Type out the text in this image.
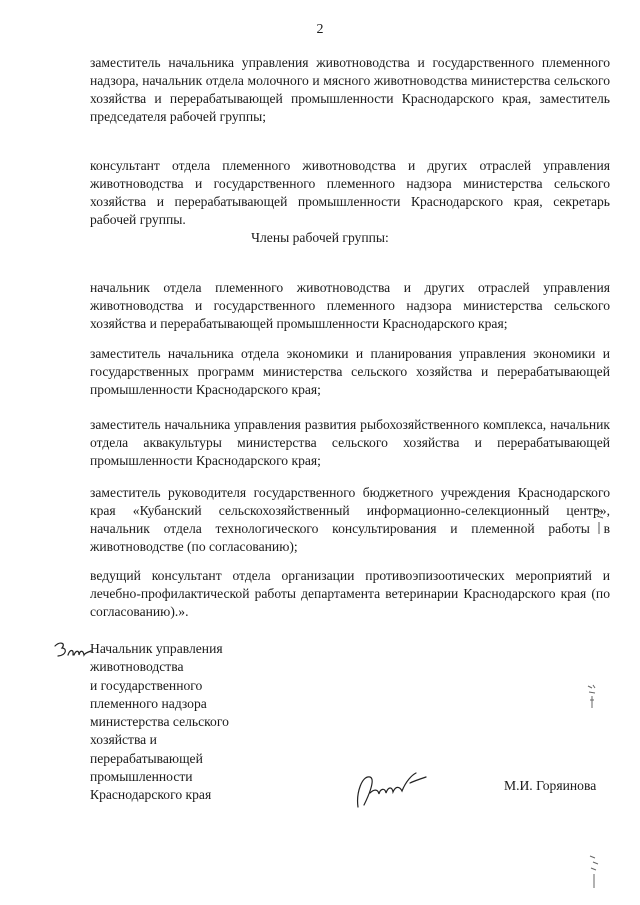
2

заместитель начальника управления животноводства и государственного племенного надзора, начальник отдела молочного и мясного животноводства министерства сельского хозяйства и перерабатывающей промышленности Краснодарского края, заместитель председателя рабочей группы;

консультант отдела племенного животноводства и других отраслей управления животноводства и государственного племенного надзора министерства сельского хозяйства и перерабатывающей промышленности Краснодарского края, секретарь рабочей группы.

Члены рабочей группы:

начальник отдела племенного животноводства и других отраслей управления животноводства и государственного племенного надзора министерства сельского хозяйства и перерабатывающей промышленности Краснодарского края;

заместитель начальника отдела экономики и планирования управления экономики и государственных программ министерства сельского хозяйства и перерабатывающей промышленности Краснодарского края;

заместитель начальника управления развития рыбохозяйственного комплекса, начальник отдела аквакультуры министерства сельского хозяйства и перерабатывающей промышленности Краснодарского края;

заместитель руководителя государственного бюджетного учреждения Краснодарского края «Кубанский сельскохозяйственный информационно-селекционный центр», начальник отдела технологического консультирования и племенной работы в животноводстве (по согласованию);

ведущий консультант отдела организации противоэпизоотических мероприятий и лечебно-профилактической работы департамента ветеринарии Краснодарского края (по согласованию).».

Начальник управления
животноводства
и государственного
племенного надзора
министерства сельского
хозяйства и
перерабатывающей
промышленности
Краснодарского края
М.И. Горяинова
